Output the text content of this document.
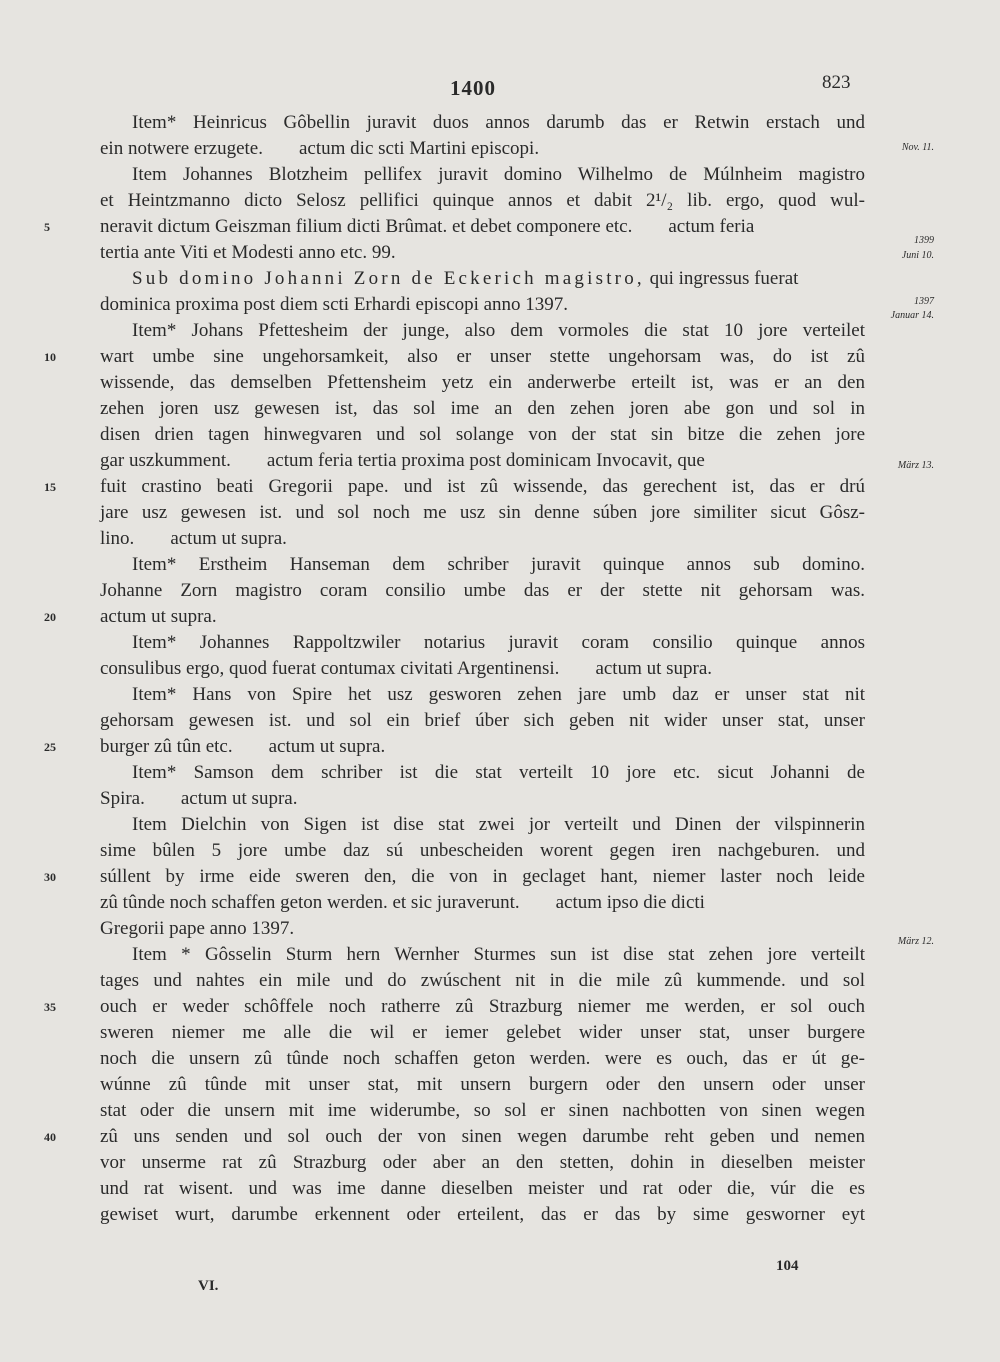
1400	823
Item* Heinricus Gôbellin juravit duos annos darumb das er Retwin erstach und
ein notwere erzugete. actum dic scti Martini episcopi.
Item Johannes Blotzheim pellifex juravit domino Wilhelmo de Múlnheim magistro
et Heintzmanno dicto Selosz pellifici quinque annos et dabit 2¹/₂ lib. ergo, quod wul-
neravit dictum Geiszman filium dicti Brûmat. et debet componere etc. actum feria
tertia ante Viti et Modesti anno etc. 99.
Sub domino Johanni Zorn de Eckerich magistro, qui ingressus fuerat
dominica proxima post diem scti Erhardi episcopi anno 1397.
Item* Johans Pfettesheim der junge, also dem vormoles die stat 10 jore verteilet
wart umbe sine ungehorsamkeit, also er unser stette ungehorsam was, do ist zû
wissende, das demselben Pfettensheim yetz ein anderwerbe erteilt ist, was er an den
zehen joren usz gewesen ist, das sol ime an den zehen joren abe gon und sol in
disen drien tagen hinwegvaren und sol solange von der stat sin bitze die zehen jore
gar uszkumment. actum feria tertia proxima post dominicam Invocavit, que
fuit crastino beati Gregorii pape. und ist zû wissende, das gerechent ist, das er drú
jare usz gewesen ist. und sol noch me usz sin denne súben jore similiter sicut Gôsz-
lino. actum ut supra.
Item* Erstheim Hanseman dem schriber juravit quinque annos sub domino.
Johanne Zorn magistro coram consilio umbe das er der stette nit gehorsam was.
actum ut supra.
Item* Johannes Rappoltzwiler notarius juravit coram consilio quinque annos
consulibus ergo, quod fuerat contumax civitati Argentinensi. actum ut supra.
Item* Hans von Spire het usz gesworen zehen jare umb daz er unser stat nit
gehorsam gewesen ist. und sol ein brief úber sich geben nit wider unser stat, unser
burger zû tûn etc. actum ut supra.
Item* Samson dem schriber ist die stat verteilt 10 jore etc. sicut Johanni de
Spira. actum ut supra.
Item Dielchin von Sigen ist dise stat zwei jor verteilt und Dinen der vilspinnerin
sime bûlen 5 jore umbe daz sú unbescheiden worent gegen iren nachgeburen. und
súllent by irme eide sweren den, die von in geclaget hant, niemer laster noch leide
zû tûnde noch schaffen geton werden. et sic juraverunt. actum ipso die dicti
Gregorii pape anno 1397.
Item * Gôsselin Sturm hern Wernher Sturmes sun ist dise stat zehen jore verteilt
tages und nahtes ein mile und do zwúschent nit in die mile zû kummende. und sol
ouch er weder schôffele noch ratherre zû Strazburg niemer me werden, er sol ouch
sweren niemer me alle die wil er iemer gelebet wider unser stat, unser burgere
noch die unsern zû tûnde noch schaffen geton werden. were es ouch, das er út ge-
wúnne zû tûnde mit unser stat, mit unsern burgern oder den unsern oder unser
stat oder die unsern mit ime widerumbe, so sol er sinen nachbotten von sinen wegen
zû uns senden und sol ouch der von sinen wegen darumbe reht geben und nemen
vor unserme rat zû Strazburg oder aber an den stetten, dohin in dieselben meister
und rat wisent. und was ime danne dieselben meister und rat oder die, vúr die es
gewiset wurt, darumbe erkennent oder erteilent, das er das by sime gesworner eyt
5
10
15
20
25
30
35
40
Nov. 11.
1399
Juni 10.
1397
Januar 14.
März 13.
März 12.
104
VI.
